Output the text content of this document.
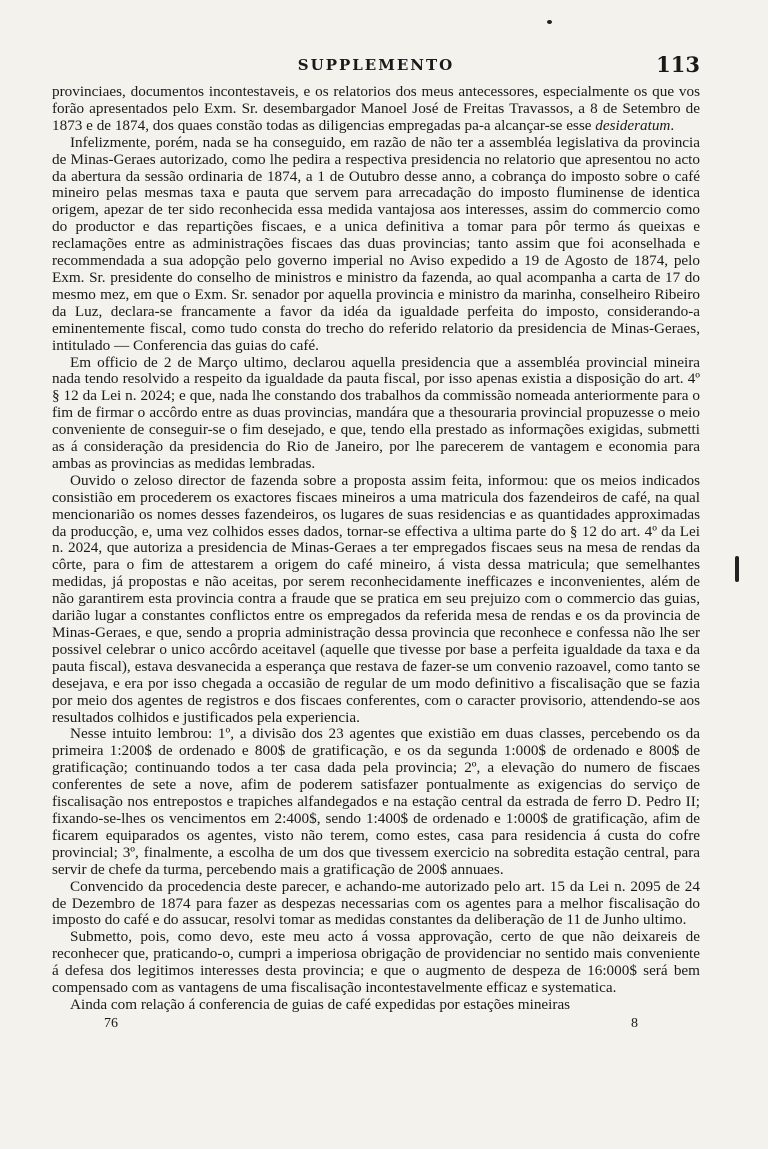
SUPPLEMENTO	113

provinciaes, documentos incontestaveis, e os relatorios dos meus antecessores, especialmente os que vos forão apresentados pelo Exm. Sr. desembargador Manoel José de Freitas Travassos, a 8 de Setembro de 1873 e de 1874, dos quaes constão todas as diligencias empregadas pa-a alcançar-se esse desideratum.

Infelizmente, porém, nada se ha conseguido, em razão de não ter a assembléa legislativa da provincia de Minas-Geraes autorizado, como lhe pedira a respectiva presidencia no relatorio que apresentou no acto da abertura da sessão ordinaria de 1874, a 1 de Outubro desse anno, a cobrança do imposto sobre o café mineiro pelas mesmas taxa e pauta que servem para arrecadação do imposto fluminense de identica origem, apezar de ter sido reconhecida essa medida vantajosa aos interesses, assim do commercio como do productor e das repartições fiscaes, e a unica definitiva a tomar para pôr termo ás queixas e reclamações entre as administrações fiscaes das duas provincias; tanto assim que foi aconselhada e recommendada a sua adopção pelo governo imperial no Aviso expedido a 19 de Agosto de 1874, pelo Exm. Sr. presidente do conselho de ministros e ministro da fazenda, ao qual acompanha a carta de 17 do mesmo mez, em que o Exm. Sr. senador por aquella provincia e ministro da marinha, conselheiro Ribeiro da Luz, declara-se francamente a favor da idéa da igualdade perfeita do imposto, considerando-a eminentemente fiscal, como tudo consta do trecho do referido relatorio da presidencia de Minas-Geraes, intitulado — Conferencia das guias do café.

Em officio de 2 de Março ultimo, declarou aquella presidencia que a assembléa provincial mineira nada tendo resolvido a respeito da igualdade da pauta fiscal, por isso apenas existia a disposição do art. 4º § 12 da Lei n. 2024; e que, nada lhe constando dos trabalhos da commissão nomeada anteriormente para o fim de firmar o accôrdo entre as duas provincias, mandára que a thesouraria provincial propuzesse o meio conveniente de conseguir-se o fim desejado, e que, tendo ella prestado as informações exigidas, submetti as á consideração da presidencia do Rio de Janeiro, por lhe parecerem de vantagem e economia para ambas as provincias as medidas lembradas.

Ouvido o zeloso director de fazenda sobre a proposta assim feita, informou: que os meios indicados consistião em procederem os exactores fiscaes mineiros a uma matricula dos fazendeiros de café, na qual mencionarião os nomes desses fazendeiros, os lugares de suas residencias e as quantidades approximadas da producção, e, uma vez colhidos esses dados, tornar-se effectiva a ultima parte do § 12 do art. 4º da Lei n. 2024, que autoriza a presidencia de Minas-Geraes a ter empregados fiscaes seus na mesa de rendas da côrte, para o fim de attestarem a origem do café mineiro, á vista dessa matricula; que semelhantes medidas, já propostas e não aceitas, por serem reconhecidamente inefficazes e inconvenientes, além de não garantirem esta provincia contra a fraude que se pratica em seu prejuizo com o commercio das guias, darião lugar a constantes conflictos entre os empregados da referida mesa de rendas e os da provincia de Minas-Geraes, e que, sendo a propria administração dessa provincia que reconhece e confessa não lhe ser possivel celebrar o unico accôrdo aceitavel (aquelle que tivesse por base a perfeita igualdade da taxa e da pauta fiscal), estava desvanecida a esperança que restava de fazer-se um convenio razoavel, como tanto se desejava, e era por isso chegada a occasião de regular de um modo definitivo a fiscalisação que se fazia por meio dos agentes de registros e dos fiscaes conferentes, com o caracter provisorio, attendendo-se aos resultados colhidos e justificados pela experiencia.

Nesse intuito lembrou: 1º, a divisão dos 23 agentes que existião em duas classes, percebendo os da primeira 1:200$ de ordenado e 800$ de gratificação, e os da segunda 1:000$ de ordenado e 800$ de gratificação; continuando todos a ter casa dada pela provincia; 2º, a elevação do numero de fiscaes conferentes de sete a nove, afim de poderem satisfazer pontualmente as exigencias do serviço de fiscalisação nos entrepostos e trapiches alfandegados e na estação central da estrada de ferro D. Pedro II; fixando-se-lhes os vencimentos em 2:400$, sendo 1:400$ de ordenado e 1:000$ de gratificação, afim de ficarem equiparados os agentes, visto não terem, como estes, casa para residencia á custa do cofre provincial; 3º, finalmente, a escolha de um dos que tivessem exercicio na sobredita estação central, para servir de chefe da turma, percebendo mais a gratificação de 200$ annuaes.

Convencido da procedencia deste parecer, e achando-me autorizado pelo art. 15 da Lei n. 2095 de 24 de Dezembro de 1874 para fazer as despezas necessarias com os agentes para a melhor fiscalisação do imposto do café e do assucar, resolvi tomar as medidas constantes da deliberação de 11 de Junho ultimo.

Submetto, pois, como devo, este meu acto á vossa approvação, certo de que não deixareis de reconhecer que, praticando-o, cumpri a imperiosa obrigação de providenciar no sentido mais conveniente á defesa dos legitimos interesses desta provincia; e que o augmento de despeza de 16:000$ será bem compensado com as vantagens de uma fiscalisação incontestavelmente efficaz e systematica.

Ainda com relação á conferencia de guias de café expedidas por estações mineiras

76	8
